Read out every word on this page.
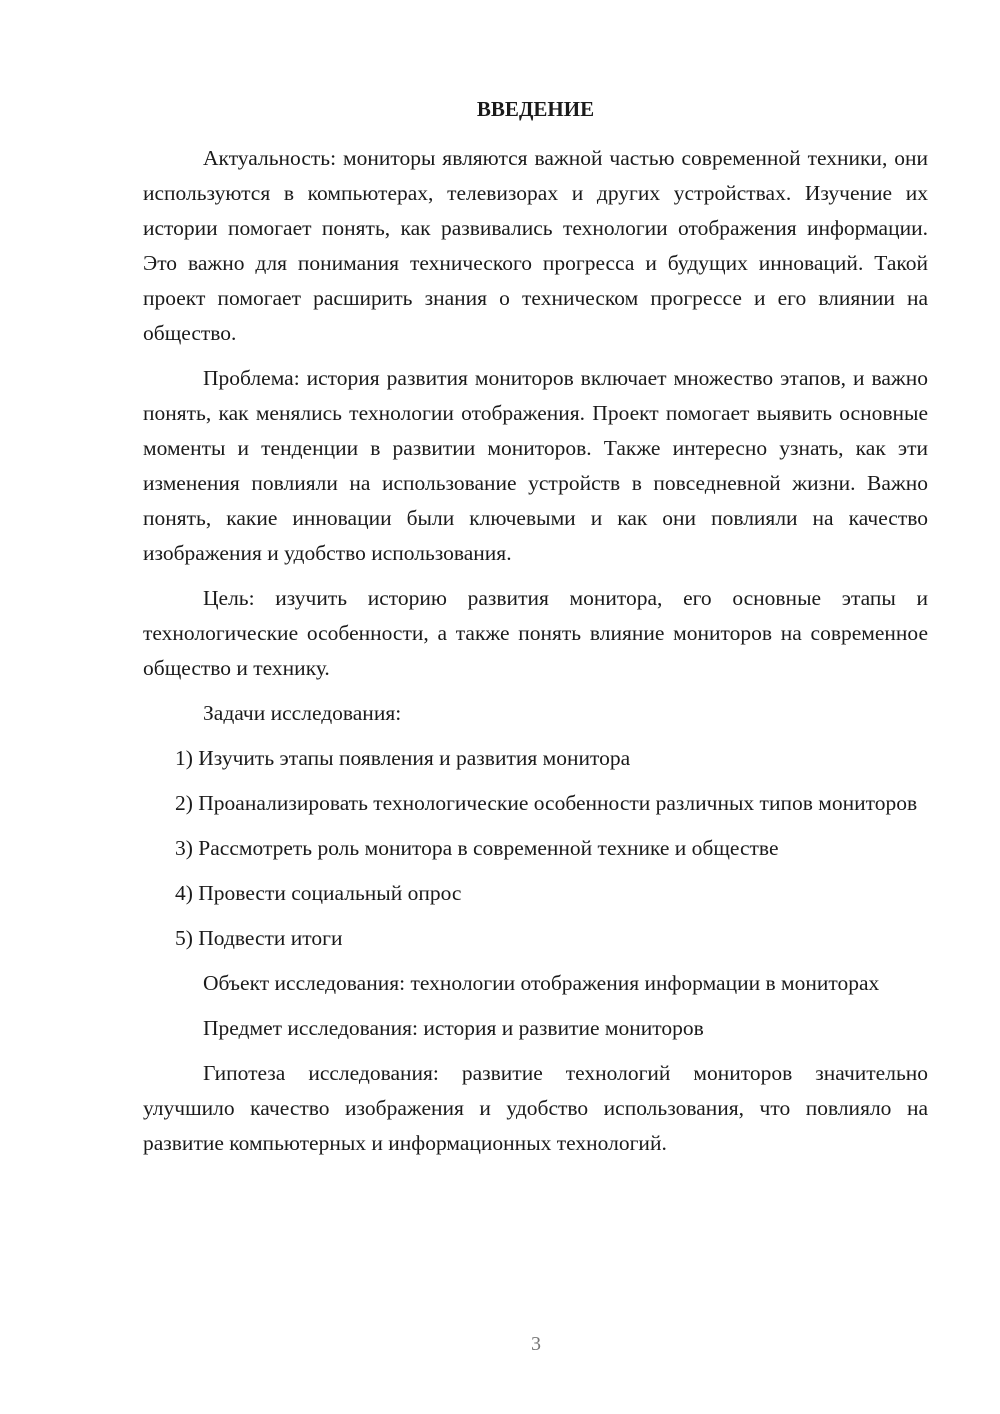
ВВЕДЕНИЕ

Актуальность: мониторы являются важной частью современной техники, они используются в компьютерах, телевизорах и других устройствах. Изучение их истории помогает понять, как развивались технологии отображения информации. Это важно для понимания технического прогресса и будущих инноваций. Такой проект помогает расширить знания о техническом прогрессе и его влиянии на общество.

Проблема: история развития мониторов включает множество этапов, и важно понять, как менялись технологии отображения. Проект помогает выявить основные моменты и тенденции в развитии мониторов. Также интересно узнать, как эти изменения повлияли на использование устройств в повседневной жизни. Важно понять, какие инновации были ключевыми и как они повлияли на качество изображения и удобство использования.

Цель: изучить историю развития монитора, его основные этапы и технологические особенности, а также понять влияние мониторов на современное общество и технику.

Задачи исследования:

1) Изучить этапы появления и развития монитора

2) Проанализировать технологические особенности различных типов мониторов

3) Рассмотреть роль монитора в современной технике и обществе

4) Провести социальный опрос

5) Подвести итоги

Объект исследования: технологии отображения информации в мониторах

Предмет исследования: история и развитие мониторов

Гипотеза исследования: развитие технологий мониторов значительно улучшило качество изображения и удобство использования, что повлияло на развитие компьютерных и информационных технологий.

3
